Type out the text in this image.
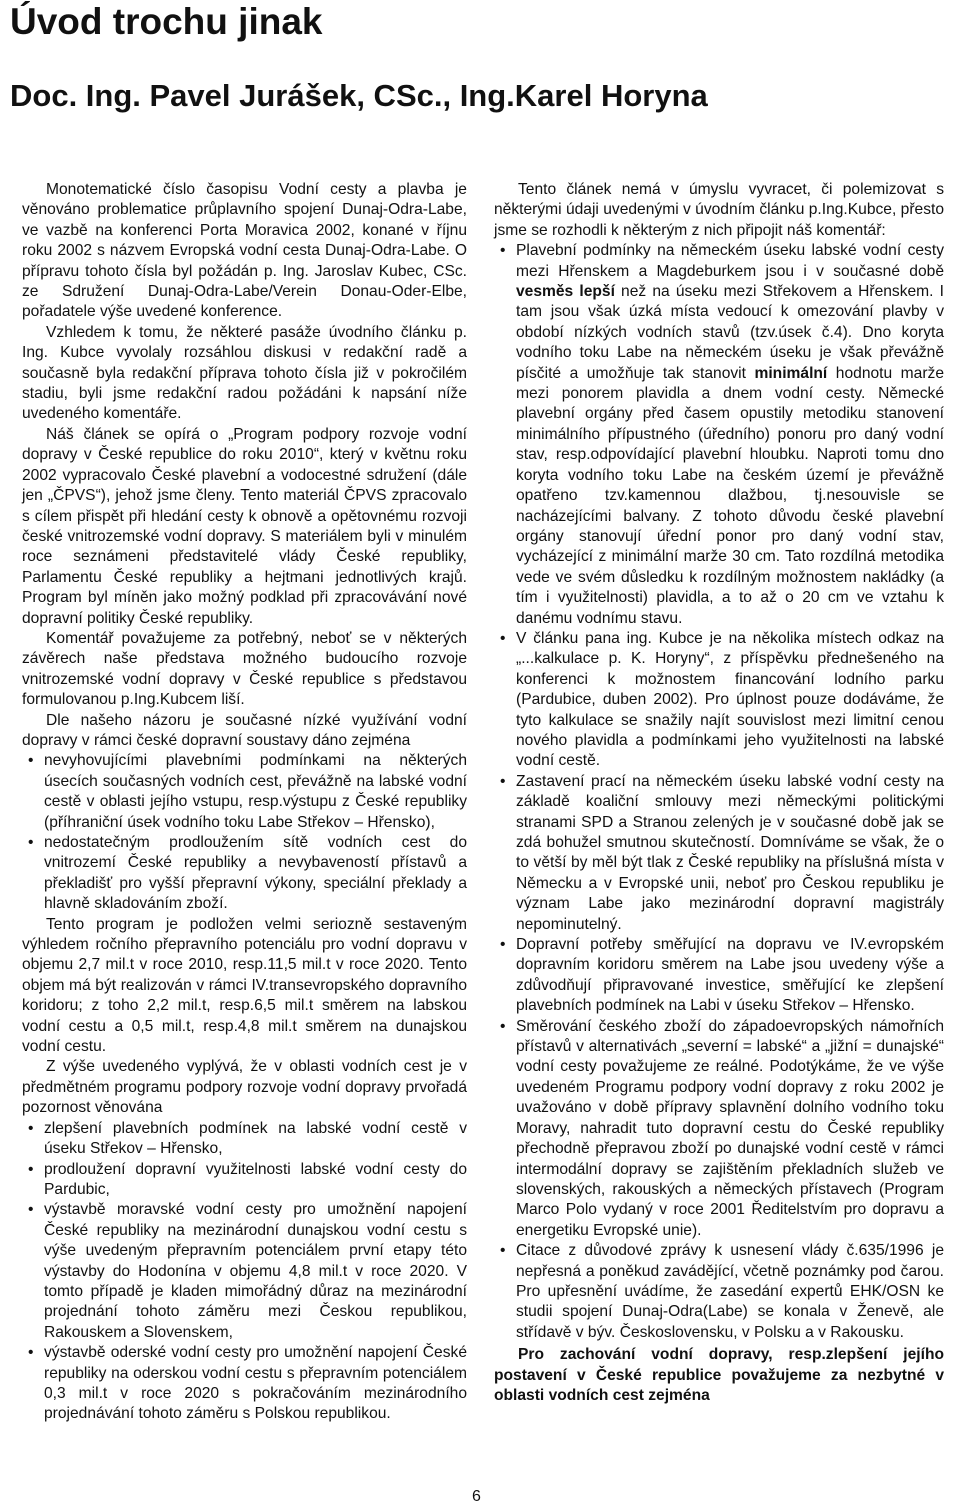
Úvod trochu jinak
Doc. Ing. Pavel Jurášek, CSc., Ing.Karel Horyna

Monotematické číslo časopisu Vodní cesty a plavba je věnováno problematice průplavního spojení Dunaj-Odra-Labe, ve vazbě na konferenci Porta Moravica 2002, konané v říjnu roku 2002 s názvem Evropská vodní cesta Dunaj-Odra-Labe. O přípravu tohoto čísla byl požádán p. Ing. Jaroslav Kubec, CSc. ze Sdružení Dunaj-Odra-Labe/Verein Donau-Oder-Elbe, pořadatele výše uvedené konference.

Vzhledem k tomu, že některé pasáže úvodního článku p. Ing. Kubce vyvolaly rozsáhlou diskusi v redakční radě a současně byla redakční příprava tohoto čísla již v pokročilém stadiu, byli jsme redakční radou požádáni k napsání níže uvedeného komentáře.

Náš článek se opírá o „Program podpory rozvoje vodní dopravy v České republice do roku 2010“, který v květnu roku 2002 vypracovalo České plavební a vodocestné sdružení (dále jen „ČPVS“), jehož jsme členy. Tento materiál ČPVS zpracovalo s cílem přispět při hledání cesty k obnově a opětovnému rozvoji české vnitrozemské vodní dopravy. S materiálem byli v minulém roce seznámeni představitelé vlády České republiky, Parlamentu České republiky a hejtmani jednotlivých krajů. Program byl míněn jako možný podklad při zpracovávání nové dopravní politiky České republiky.

Komentář považujeme za potřebný, neboť se v některých závěrech naše představa možného budoucího rozvoje vnitrozemské vodní dopravy v České republice s představou formulovanou p.Ing.Kubcem liší.

Dle našeho názoru je současné nízké využívání vodní dopravy v rámci české dopravní soustavy dáno zejména

• nevyhovujícími plavebními podmínkami na některých úsecích současných vodních cest, převážně na labské vodní cestě v oblasti jejího vstupu, resp.výstupu z České republiky (příhraniční úsek vodního toku Labe Střekov – Hřensko),
• nedostatečným prodloužením sítě vodních cest do vnitrozemí České republiky a nevybaveností přístavů a překladišť pro vyšší přepravní výkony, speciální překlady a hlavně skladováním zboží.

Tento program je podložen velmi seriozně sestaveným výhledem ročního přepravního potenciálu pro vodní dopravu v objemu 2,7 mil.t v roce 2010, resp.11,5 mil.t v roce 2020. Tento objem má být realizován v rámci IV.transevropského dopravního koridoru; z toho 2,2 mil.t, resp.6,5 mil.t směrem na labskou vodní cestu a 0,5 mil.t, resp.4,8 mil.t směrem na dunajskou vodní cestu.

Z výše uvedeného vyplývá, že v oblasti vodních cest je v předmětném programu podpory rozvoje vodní dopravy prvořadá pozornost věnována

• zlepšení plavebních podmínek na labské vodní cestě v úseku Střekov – Hřensko,
• prodloužení dopravní využitelnosti labské vodní cesty do Pardubic,
• výstavbě moravské vodní cesty pro umožnění napojení České republiky na mezinárodní dunajskou vodní cestu s výše uvedeným přepravním potenciálem první etapy této výstavby do Hodonína v objemu 4,8 mil.t v roce 2020. V tomto případě je kladen mimořádný důraz na mezinárodní projednání tohoto záměru mezi Českou republikou, Rakouskem a Slovenskem,
• výstavbě oderské vodní cesty pro umožnění napojení České republiky na oderskou vodní cestu s přepravním potenciálem 0,3 mil.t v roce 2020 s pokračováním mezinárodního projednávání tohoto záměru s Polskou republikou.

Tento článek nemá v úmyslu vyvracet, či polemizovat s některými údaji uvedenými v úvodním článku p.Ing.Kubce, přesto jsme se rozhodli k některým z nich připojit náš komentář:

• Plavební podmínky na německém úseku labské vodní cesty mezi Hřenskem a Magdeburkem jsou i v současné době vesměs lepší než na úseku mezi Střekovem a Hřenskem. I tam jsou však úzká místa vedoucí k omezování plavby v období nízkých vodních stavů (tzv.úsek č.4). Dno koryta vodního toku Labe na německém úseku je však převážně písčité a umožňuje tak stanovit minimální hodnotu marže mezi ponorem plavidla a dnem vodní cesty. Německé plavební orgány před časem opustily metodiku stanovení minimálního přípustného (úředního) ponoru pro daný vodní stav, resp.odpovídající plavební hloubku. Naproti tomu dno koryta vodního toku Labe na českém území je převážně opatřeno tzv.kamennou dlažbou, tj.nesouvisle se nacházejícími balvany. Z tohoto důvodu české plavební orgány stanovují úřední ponor pro daný vodní stav, vycházející z minimální marže 30 cm. Tato rozdílná metodika vede ve svém důsledku k rozdílným možnostem nakládky (a tím i využitelnosti) plavidla, a to až o 20 cm ve vztahu k danému vodnímu stavu.
• V článku pana ing. Kubce je na několika místech odkaz na „...kalkulace p. K. Horyny“, z příspěvku přednešeného na konferenci k možnostem financování lodního parku (Pardubice, duben 2002). Pro úplnost pouze dodáváme, že tyto kalkulace se snažily najít souvislost mezi limitní cenou nového plavidla a podmínkami jeho využitelnosti na labské vodní cestě.
• Zastavení prací na německém úseku labské vodní cesty na základě koaliční smlouvy mezi německými politickými stranami SPD a Stranou zelených je v současné době jak se zdá bohužel smutnou skutečností. Domníváme se však, že o to větší by měl být tlak z České republiky na příslušná místa v Německu a v Evropské unii, neboť pro Českou republiku je význam Labe jako mezinárodní dopravní magistrály nepominutelný.
• Dopravní potřeby směřující na dopravu ve IV.evropském dopravním koridoru směrem na Labe jsou uvedeny výše a zdůvodňují připravované investice, směřující ke zlepšení plavebních podmínek na Labi v úseku Střekov – Hřensko.
• Směrování českého zboží do západoevropských námořních přístavů v alternativách „severní = labské“ a „jižní = dunajské“ vodní cesty považujeme ze reálné. Podotýkáme, že ve výše uvedeném Programu podpory vodní dopravy z roku 2002 je uvažováno v době přípravy splavnění dolního vodního toku Moravy, nahradit tuto dopravní cestu do České republiky přechodně přepravou zboží po dunajské vodní cestě v rámci intermodální dopravy se zajištěním překladních služeb ve slovenských, rakouských a německých přístavech (Program Marco Polo vydaný v roce 2001 Ředitelstvím pro dopravu a energetiku Evropské unie).
• Citace z důvodové zprávy k usnesení vlády č.635/1996 je nepřesná a poněkud zavádějící, včetně poznámky pod čarou. Pro upřesnění uvádíme, že zasedání expertů EHK/OSN ke studii spojení Dunaj-Odra(Labe) se konala v Ženevě, ale střídavě v býv. Československu, v Polsku a v Rakousku.

Pro zachování vodní dopravy, resp.zlepšení jejího postavení v České republice považujeme za nezbytné v oblasti vodních cest zejména

6
